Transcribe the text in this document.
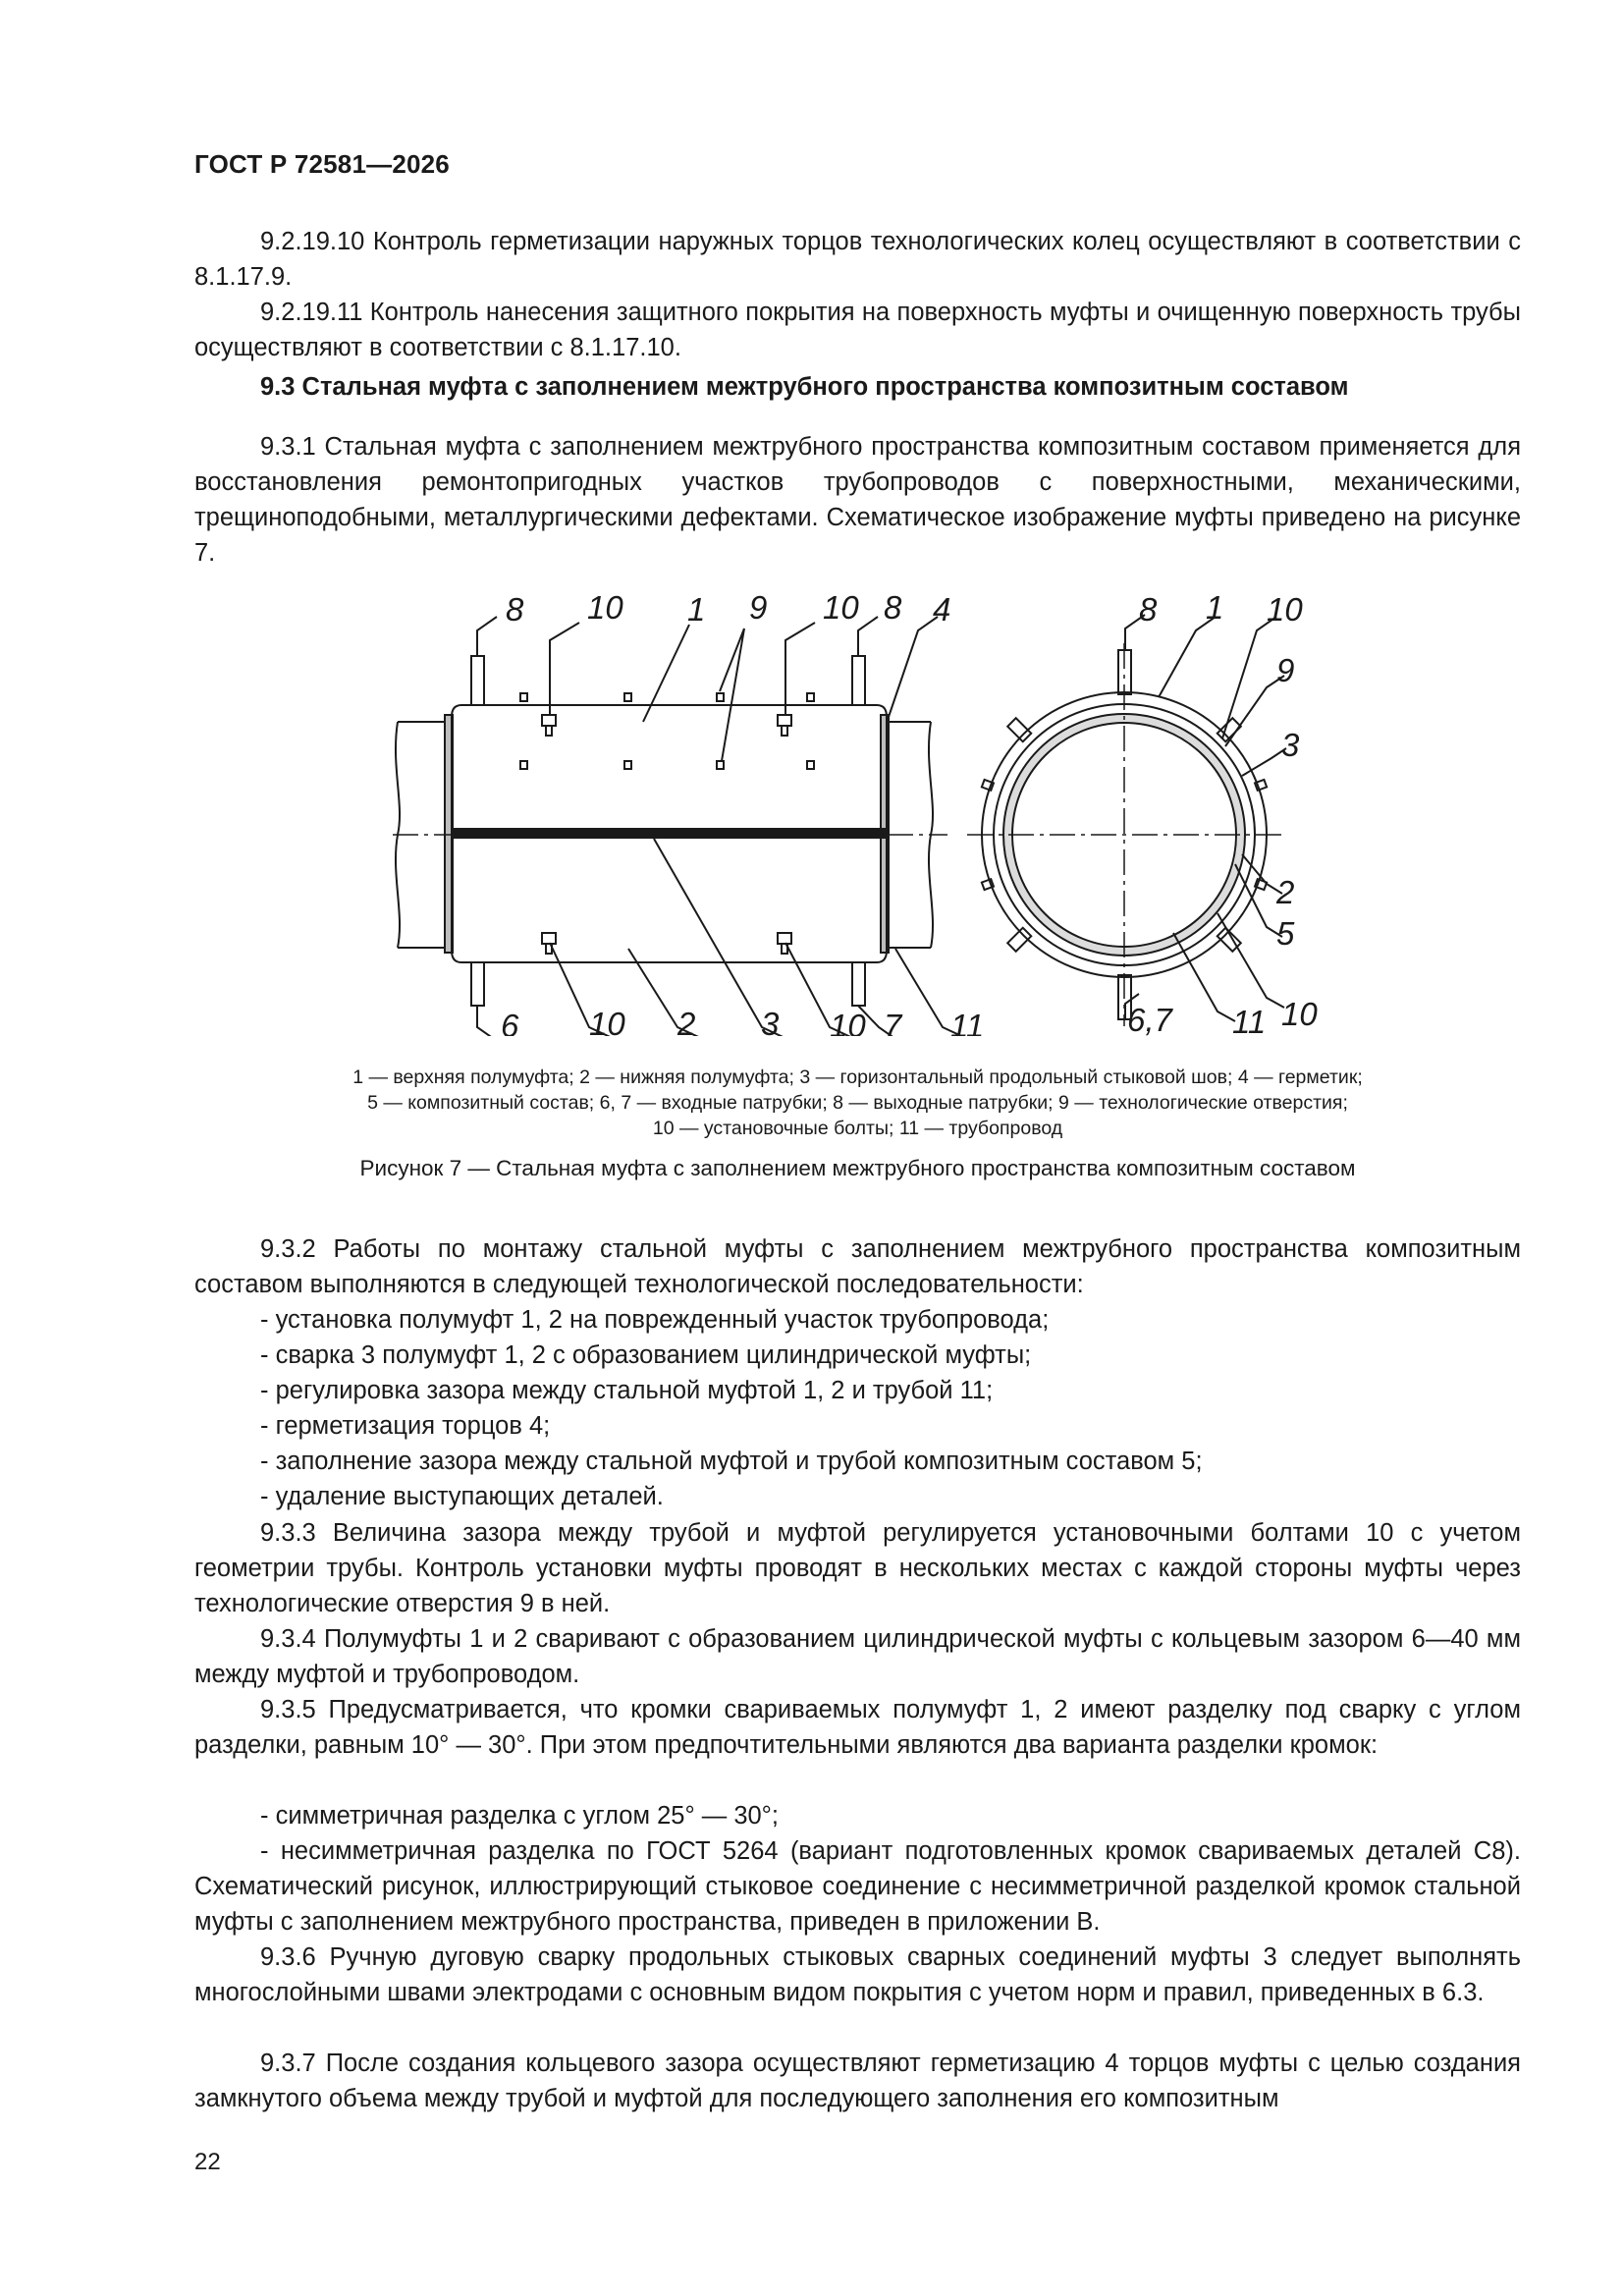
ГОСТ Р 72581—2026
9.2.19.10 Контроль герметизации наружных торцов технологических колец осуществляют в соответствии с 8.1.17.9.
9.2.19.11 Контроль нанесения защитного покрытия на поверхность муфты и очищенную поверхность трубы осуществляют в соответствии с 8.1.17.10.
9.3 Стальная муфта с заполнением межтрубного пространства композитным составом
9.3.1 Стальная муфта с заполнением межтрубного пространства композитным составом применяется для восстановления ремонтопригодных участков трубопроводов с поверхностными, механическими, трещиноподобными, металлургическими дефектами. Схематическое изображение муфты приведено на рисунке 7.
8 10 1 9 10 8 4
6 10 2 3 10 7 11
8 1 10
9
3
2
5
6,7 11 10
1 — верхняя полумуфта; 2 — нижняя полумуфта; 3 — горизонтальный продольный стыковой шов; 4 — герметик;
5 — композитный состав; 6, 7 — входные патрубки; 8 — выходные патрубки; 9 — технологические отверстия;
10 — установочные болты; 11 — трубопровод
Рисунок 7 — Стальная муфта с заполнением межтрубного пространства композитным составом
9.3.2 Работы по монтажу стальной муфты с заполнением межтрубного пространства композитным составом выполняются в следующей технологической последовательности:
- установка полумуфт 1, 2 на поврежденный участок трубопровода;
- сварка 3 полумуфт 1, 2 с образованием цилиндрической муфты;
- регулировка зазора между стальной муфтой 1, 2 и трубой 11;
- герметизация торцов 4;
- заполнение зазора между стальной муфтой и трубой композитным составом 5;
- удаление выступающих деталей.
9.3.3 Величина зазора между трубой и муфтой регулируется установочными болтами 10 с учетом геометрии трубы. Контроль установки муфты проводят в нескольких местах с каждой стороны муфты через технологические отверстия 9 в ней.
9.3.4 Полумуфты 1 и 2 сваривают с образованием цилиндрической муфты с кольцевым зазором 6—40 мм между муфтой и трубопроводом.
9.3.5 Предусматривается, что кромки свариваемых полумуфт 1, 2 имеют разделку под сварку с углом разделки, равным 10° — 30°. При этом предпочтительными являются два варианта разделки кромок:
- симметричная разделка с углом 25° — 30°;
- несимметричная разделка по ГОСТ 5264 (вариант подготовленных кромок свариваемых деталей С8). Схематический рисунок, иллюстрирующий стыковое соединение с несимметричной разделкой кромок стальной муфты с заполнением межтрубного пространства, приведен в приложении В.
9.3.6 Ручную дуговую сварку продольных стыковых сварных соединений муфты 3 следует выполнять многослойными швами электродами с основным видом покрытия с учетом норм и правил, приведенных в 6.3.
9.3.7 После создания кольцевого зазора осуществляют герметизацию 4 торцов муфты с целью создания замкнутого объема между трубой и муфтой для последующего заполнения его композитным
22
